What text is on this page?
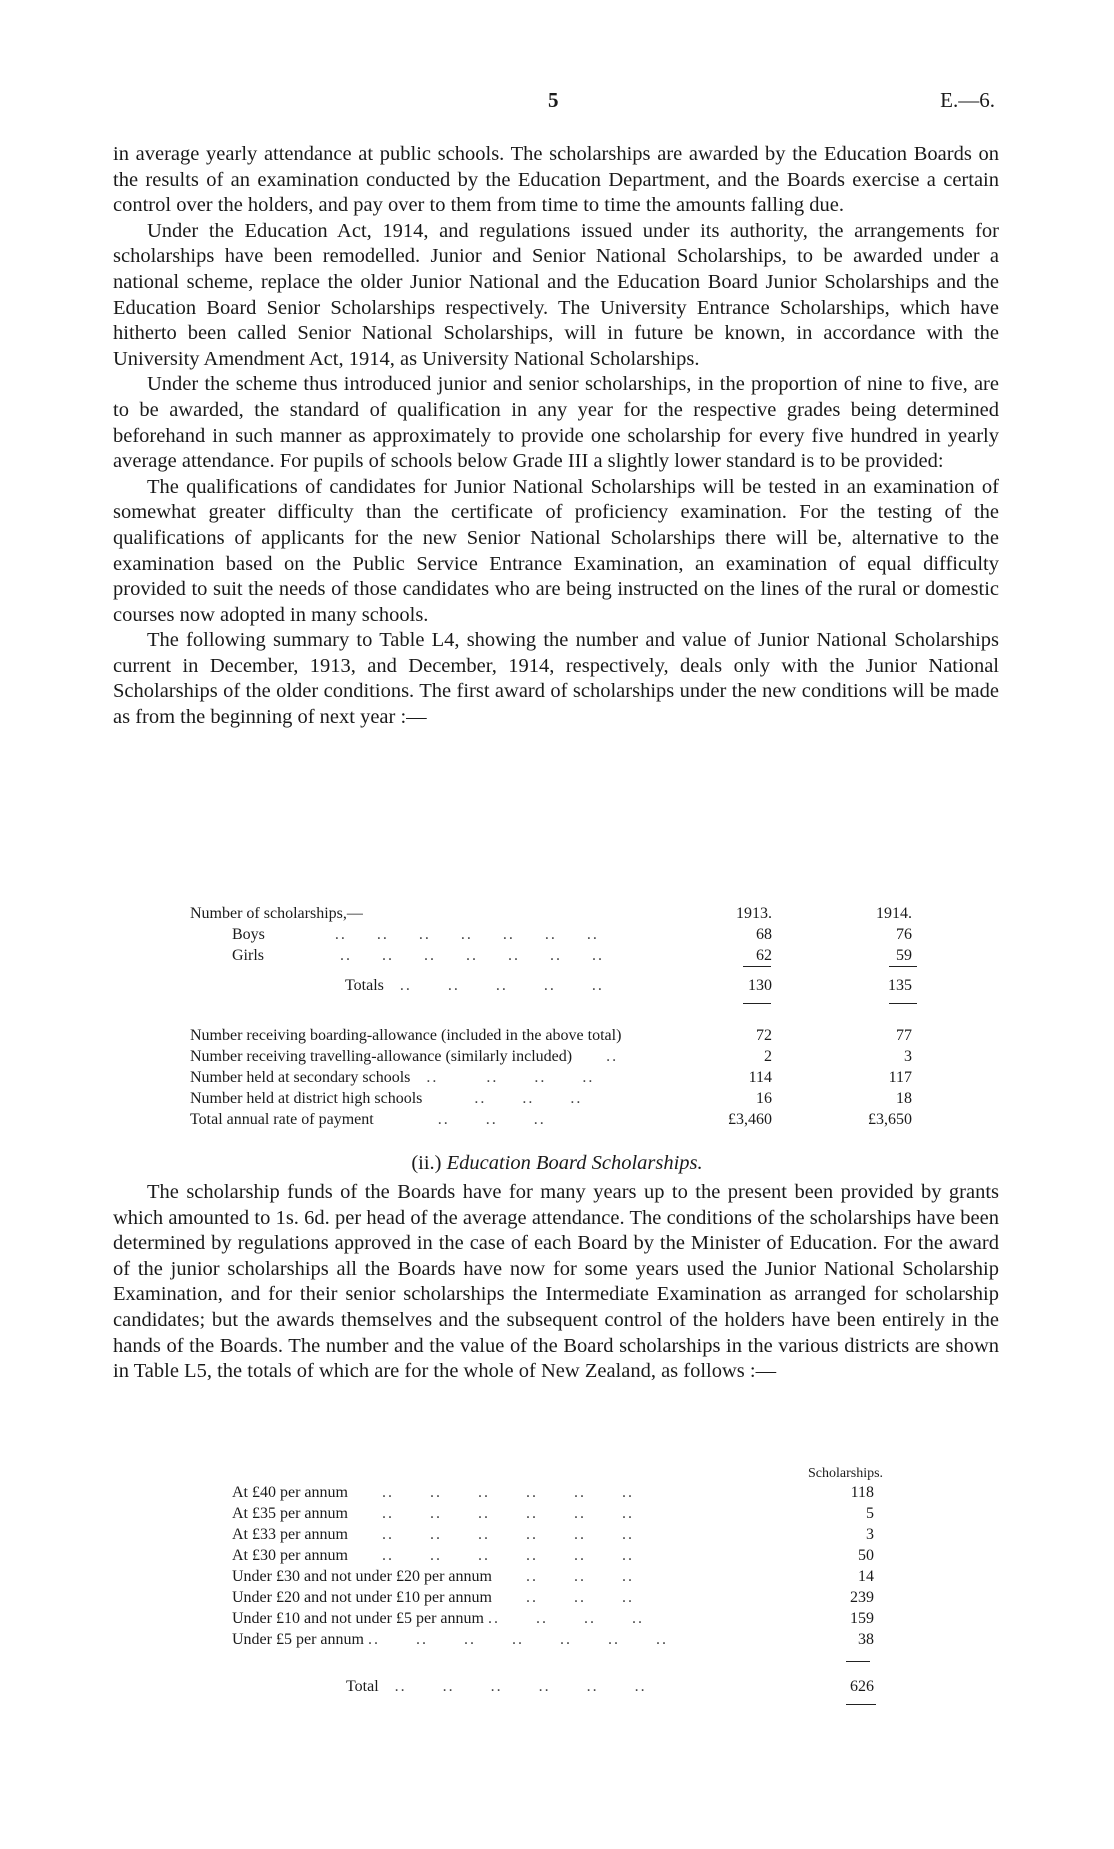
5	E.—6.

in average yearly attendance at public schools. The scholarships are awarded by the Education Boards on the results of an examination conducted by the Education Department, and the Boards exercise a certain control over the holders, and pay over to them from time to time the amounts falling due.

Under the Education Act, 1914, and regulations issued under its authority, the arrangements for scholarships have been remodelled. Junior and Senior National Scholarships, to be awarded under a national scheme, replace the older Junior National and the Education Board Junior Scholarships and the Education Board Senior Scholarships respectively. The University Entrance Scholarships, which have hitherto been called Senior National Scholarships, will in future be known, in accordance with the University Amendment Act, 1914, as University National Scholarships.

Under the scheme thus introduced junior and senior scholarships, in the proportion of nine to five, are to be awarded, the standard of qualification in any year for the respective grades being determined beforehand in such manner as approximately to provide one scholarship for every five hundred in yearly average attendance. For pupils of schools below Grade III a slightly lower standard is to be provided:

The qualifications of candidates for Junior National Scholarships will be tested in an examination of somewhat greater difficulty than the certificate of proficiency examination. For the testing of the qualifications of applicants for the new Senior National Scholarships there will be, alternative to the examination based on the Public Service Entrance Examination, an examination of equal difficulty provided to suit the needs of those candidates who are being instructed on the lines of the rural or domestic courses now adopted in many schools.

The following summary to Table L4, showing the number and value of Junior National Scholarships current in December, 1913, and December, 1914, respectively, deals only with the Junior National Scholarships of the older conditions. The first award of scholarships under the new conditions will be made as from the beginning of next year :—

Number of scholarships,—	1913.	1914.
Boys            ..     ..     ..     ..     ..     ..     ..	68	76
Girls             ..     ..     ..     ..     ..     ..     ..	62	59
Totals   ..      ..      ..      ..      ..	130	135
Number receiving boarding-allowance (included in the above total)	72	77
Number receiving travelling-allowance (similarly included)      ..	2	3
Number held at secondary schools   ..        ..      ..      ..	114	117
Number held at district high schools         ..      ..      ..	16	18
Total annual rate of payment           ..      ..      ..	£3,460	£3,650
(ii.) Education Board Scholarships.

The scholarship funds of the Boards have for many years up to the present been provided by grants which amounted to 1s. 6d. per head of the average attendance. The conditions of the scholarships have been determined by regulations approved in the case of each Board by the Minister of Education. For the award of the junior scholarships all the Boards have now for some years used the Junior National Scholarship Examination, and for their senior scholarships the Intermediate Examination as arranged for scholarship candidates; but the awards themselves and the subsequent control of the holders have been entirely in the hands of the Boards. The number and the value of the Board scholarships in the various districts are shown in Table L5, the totals of which are for the whole of New Zealand, as follows :—

Scholarships.
At £40 per annum      ..      ..      ..      ..      ..      ..	118
At £35 per annum      ..      ..      ..      ..      ..      ..	5
At £33 per annum      ..      ..      ..      ..      ..      ..	3
At £30 per annum      ..      ..      ..      ..      ..      ..	50
Under £30 and not under £20 per annum      ..      ..      ..	14
Under £20 and not under £10 per annum      ..      ..      ..	239
Under £10 and not under £5 per annum ..      ..      ..      ..	159
Under £5 per annum ..      ..      ..      ..      ..      ..      ..	38
Total   ..      ..      ..      ..      ..      ..	626
